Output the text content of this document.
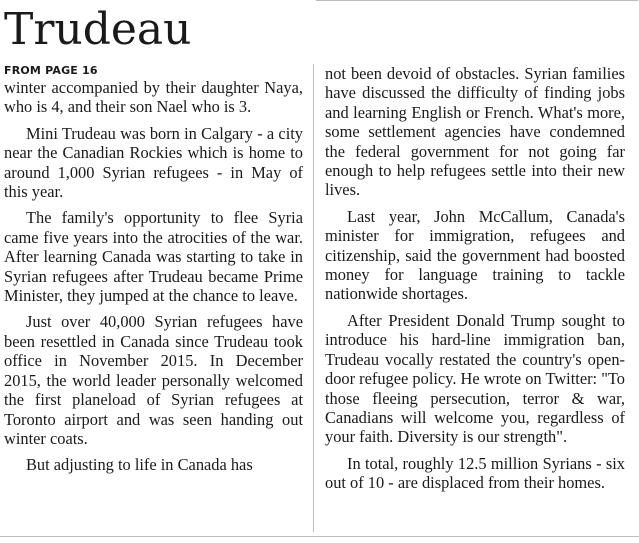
Trudeau
FROM PAGE 16

winter accompanied by their daughter Naya, who is 4, and their son Nael who is 3.

Mini Trudeau was born in Calgary - a city near the Canadian Rockies which is home to around 1,000 Syrian refugees - in May of this year.

The family's opportunity to flee Syria came five years into the atrocities of the war. After learning Canada was starting to take in Syrian refugees after Trudeau became Prime Minister, they jumped at the chance to leave.

Just over 40,000 Syrian refugees have been resettled in Canada since Trudeau took office in November 2015. In December 2015, the world leader personally welcomed the first planeload of Syrian refugees at Toronto airport and was seen handing out winter coats.

But adjusting to life in Canada has

not been devoid of obstacles. Syrian families have discussed the difficulty of finding jobs and learning English or French. What's more, some settlement agencies have condemned the federal government for not going far enough to help refugees settle into their new lives.

Last year, John McCallum, Canada's minister for immigration, refugees and citizenship, said the government had boosted money for language training to tackle nationwide shortages.

After President Donald Trump sought to introduce his hard-line immigration ban, Trudeau vocally restated the country's open-door refugee policy. He wrote on Twitter: "To those fleeing persecution, terror & war, Canadians will welcome you, regardless of your faith. Diversity is our strength".

In total, roughly 12.5 million Syrians - six out of 10 - are displaced from their homes.
